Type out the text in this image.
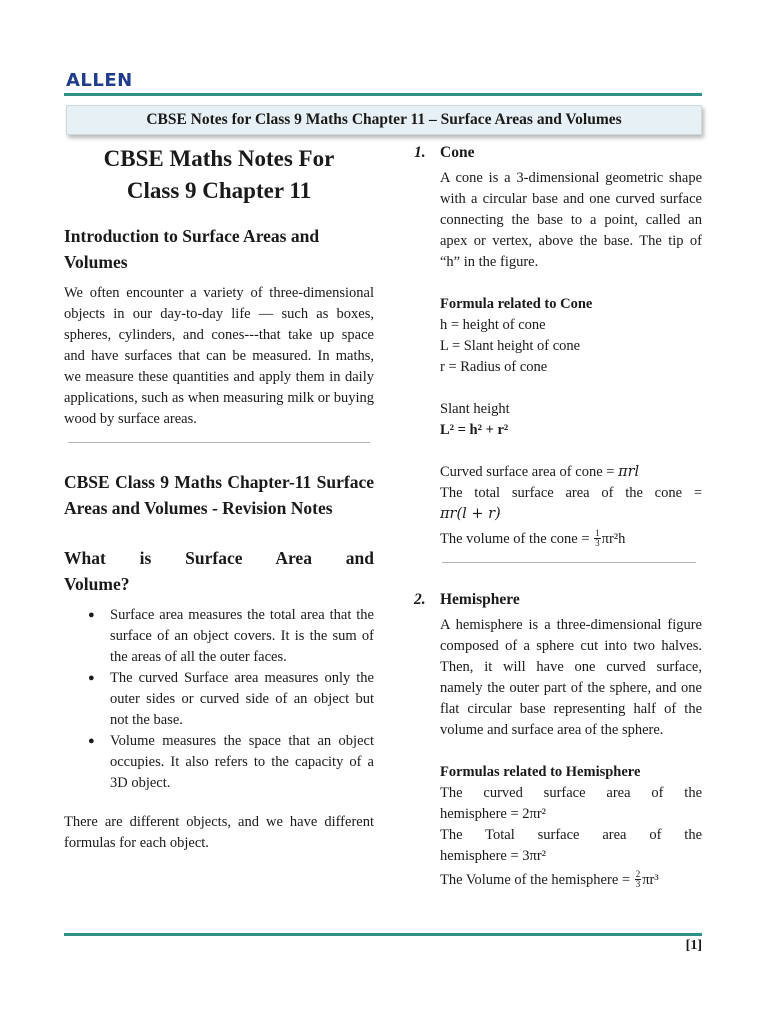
ALLEN
CBSE Notes for Class 9 Maths Chapter 11 – Surface Areas and Volumes
CBSE Maths Notes For
Class 9 Chapter 11
Introduction to Surface Areas and Volumes

We often encounter a variety of three-dimensional objects in our day-to-day life — such as boxes, spheres, cylinders, and cones---that take up space and have surfaces that can be measured. In maths, we measure these quantities and apply them in daily applications, such as when measuring milk or buying wood by surface areas.

CBSE Class 9 Maths Chapter-11 Surface Areas and Volumes - Revision Notes
What is Surface Area and
Volume?
● Surface area measures the total area that the surface of an object covers. It is the sum of the areas of all the outer faces.
● The curved Surface area measures only the outer sides or curved side of an object but not the base.
● Volume measures the space that an object occupies. It also refers to the capacity of a 3D object.

There are different objects, and we have different formulas for each object.

1. Cone

A cone is a 3-dimensional geometric shape with a circular base and one curved surface connecting the base to a point, called an apex or vertex, above the base. The tip of “h” in the figure.

Formula related to Cone
h = height of cone
L = Slant height of cone
r = Radius of cone
Slant height
L² = h² + r²
Curved surface area of cone = πrl
The total surface area of the cone =
πr(l + r)
The volume of the cone = $\frac{1}{3} \pi r^2h$
2. Hemisphere

A hemisphere is a three-dimensional figure composed of a sphere cut into two halves. Then, it will have one curved surface, namely the outer part of the sphere, and one flat circular base representing half of the volume and surface area of the sphere.

Formulas related to Hemisphere
The curved surface area of the
hemisphere = 2πr²
The Total surface area of the
hemisphere = 3πr²
The Volume of the hemisphere = $\frac{2}{3} \pi r^3$
[1]
